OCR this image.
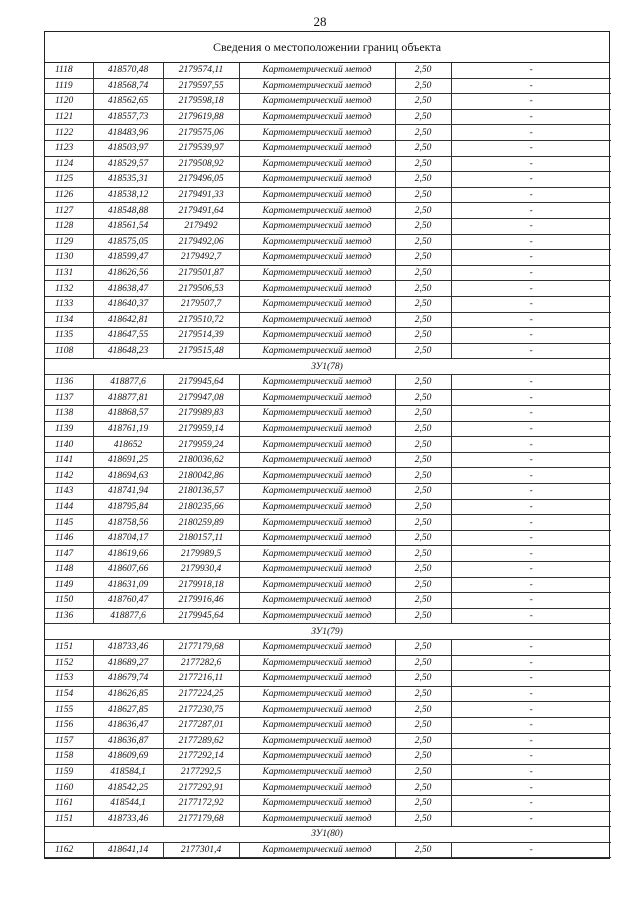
28
Сведения о местоположении границ объекта
1118	418570,48	2179574,11	Картометрический метод	2,50	-
1119	418568,74	2179597,55	Картометрический метод	2,50	-
1120	418562,65	2179598,18	Картометрический метод	2,50	-
1121	418557,73	2179619,88	Картометрический метод	2,50	-
1122	418483,96	2179575,06	Картометрический метод	2,50	-
1123	418503,97	2179539,97	Картометрический метод	2,50	-
1124	418529,57	2179508,92	Картометрический метод	2,50	-
1125	418535,31	2179496,05	Картометрический метод	2,50	-
1126	418538,12	2179491,33	Картометрический метод	2,50	-
1127	418548,88	2179491,64	Картометрический метод	2,50	-
1128	418561,54	2179492	Картометрический метод	2,50	-
1129	418575,05	2179492,06	Картометрический метод	2,50	-
1130	418599,47	2179492,7	Картометрический метод	2,50	-
1131	418626,56	2179501,87	Картометрический метод	2,50	-
1132	418638,47	2179506,53	Картометрический метод	2,50	-
1133	418640,37	2179507,7	Картометрический метод	2,50	-
1134	418642,81	2179510,72	Картометрический метод	2,50	-
1135	418647,55	2179514,39	Картометрический метод	2,50	-
1108	418648,23	2179515,48	Картометрический метод	2,50	-
ЗУ1(78)					
1136	418877,6	2179945,64	Картометрический метод	2,50	-
1137	418877,81	2179947,08	Картометрический метод	2,50	-
1138	418868,57	2179989,83	Картометрический метод	2,50	-
1139	418761,19	2179959,14	Картометрический метод	2,50	-
1140	418652	2179959,24	Картометрический метод	2,50	-
1141	418691,25	2180036,62	Картометрический метод	2,50	-
1142	418694,63	2180042,86	Картометрический метод	2,50	-
1143	418741,94	2180136,57	Картометрический метод	2,50	-
1144	418795,84	2180235,66	Картометрический метод	2,50	-
1145	418758,56	2180259,89	Картометрический метод	2,50	-
1146	418704,17	2180157,11	Картометрический метод	2,50	-
1147	418619,66	2179989,5	Картометрический метод	2,50	-
1148	418607,66	2179930,4	Картометрический метод	2,50	-
1149	418631,09	2179918,18	Картометрический метод	2,50	-
1150	418760,47	2179916,46	Картометрический метод	2,50	-
1136	418877,6	2179945,64	Картометрический метод	2,50	-
ЗУ1(79)					
1151	418733,46	2177179,68	Картометрический метод	2,50	-
1152	418689,27	2177282,6	Картометрический метод	2,50	-
1153	418679,74	2177216,11	Картометрический метод	2,50	-
1154	418626,85	2177224,25	Картометрический метод	2,50	-
1155	418627,85	2177230,75	Картометрический метод	2,50	-
1156	418636,47	2177287,01	Картометрический метод	2,50	-
1157	418636,87	2177289,62	Картометрический метод	2,50	-
1158	418609,69	2177292,14	Картометрический метод	2,50	-
1159	418584,1	2177292,5	Картометрический метод	2,50	-
1160	418542,25	2177292,91	Картометрический метод	2,50	-
1161	418544,1	2177172,92	Картометрический метод	2,50	-
1151	418733,46	2177179,68	Картометрический метод	2,50	-
ЗУ1(80)					
1162	418641,14	2177301,4	Картометрический метод	2,50	-
